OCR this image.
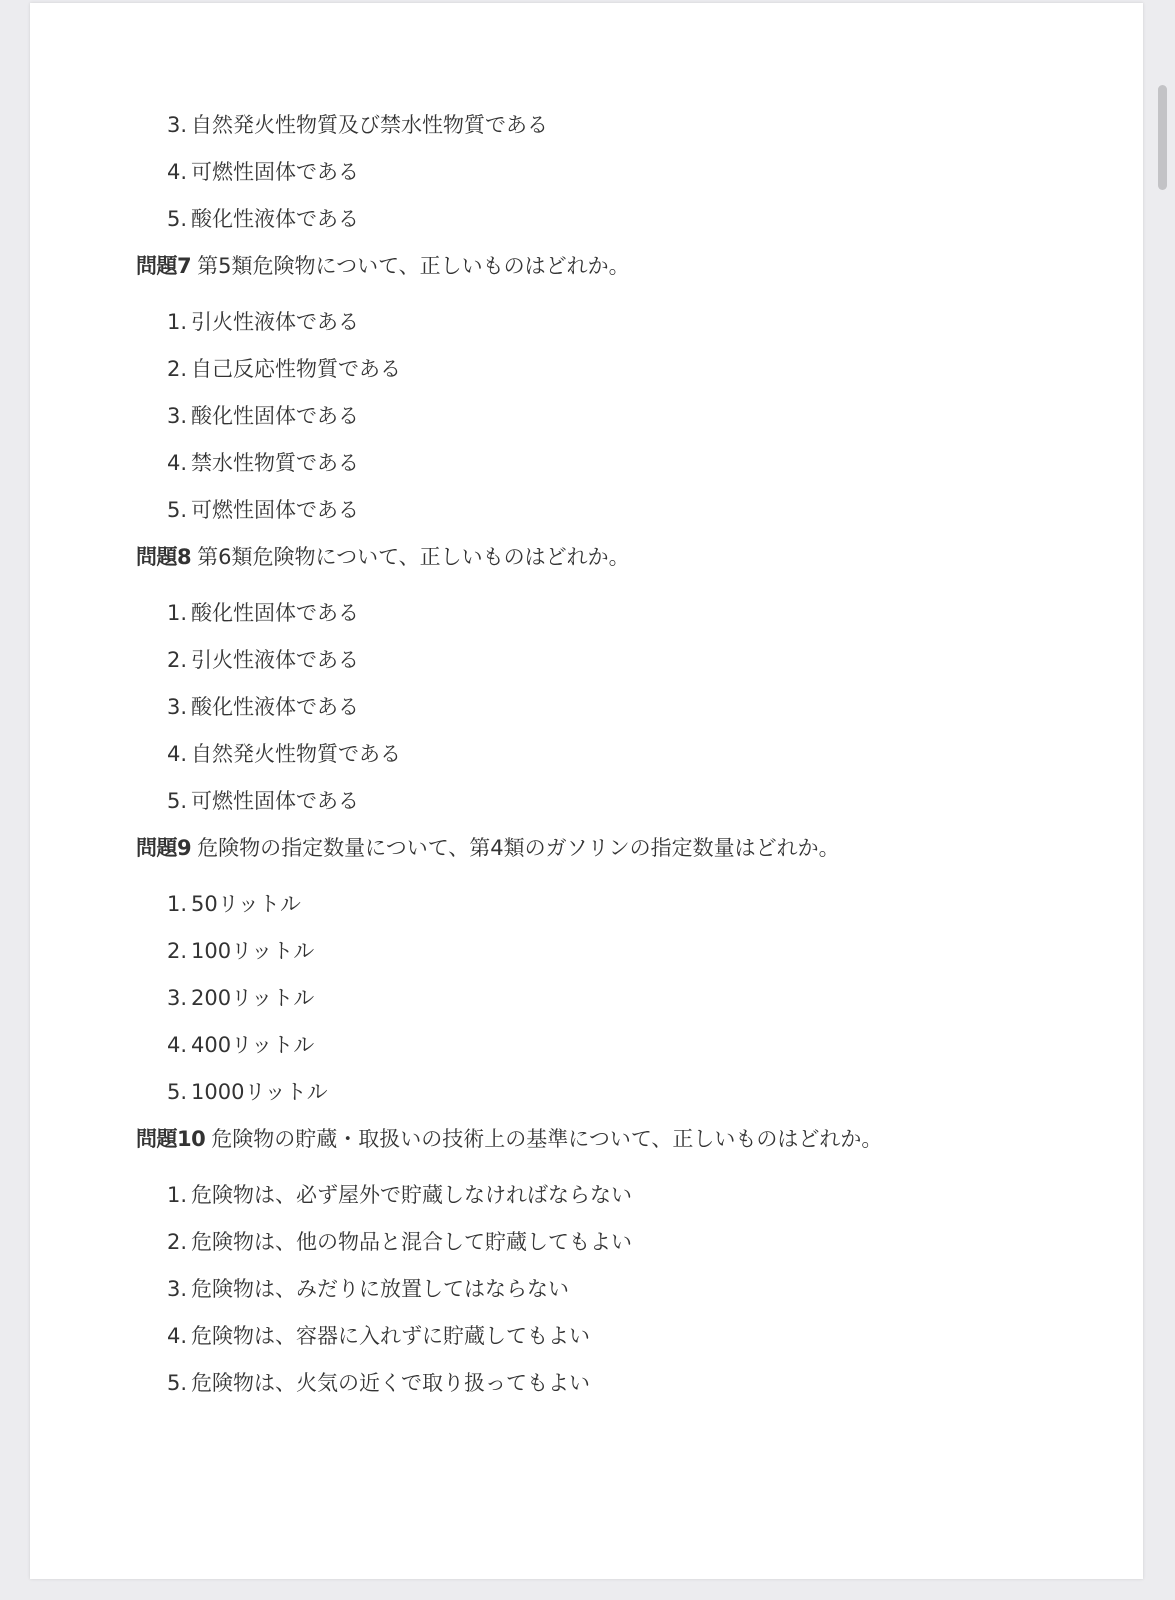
3. 自然発火性物質及び禁水性物質である
4. 可燃性固体である
5. 酸化性液体である

問題7 第5類危険物について、正しいものはどれか。

1. 引火性液体である
2. 自己反応性物質である
3. 酸化性固体である
4. 禁水性物質である
5. 可燃性固体である

問題8 第6類危険物について、正しいものはどれか。

1. 酸化性固体である
2. 引火性液体である
3. 酸化性液体である
4. 自然発火性物質である
5. 可燃性固体である

問題9 危険物の指定数量について、第4類のガソリンの指定数量はどれか。

1. 50リットル
2. 100リットル
3. 200リットル
4. 400リットル
5. 1000リットル

問題10 危険物の貯蔵・取扱いの技術上の基準について、正しいものはどれか。

1. 危険物は、必ず屋外で貯蔵しなければならない
2. 危険物は、他の物品と混合して貯蔵してもよい
3. 危険物は、みだりに放置してはならない
4. 危険物は、容器に入れずに貯蔵してもよい
5. 危険物は、火気の近くで取り扱ってもよい
